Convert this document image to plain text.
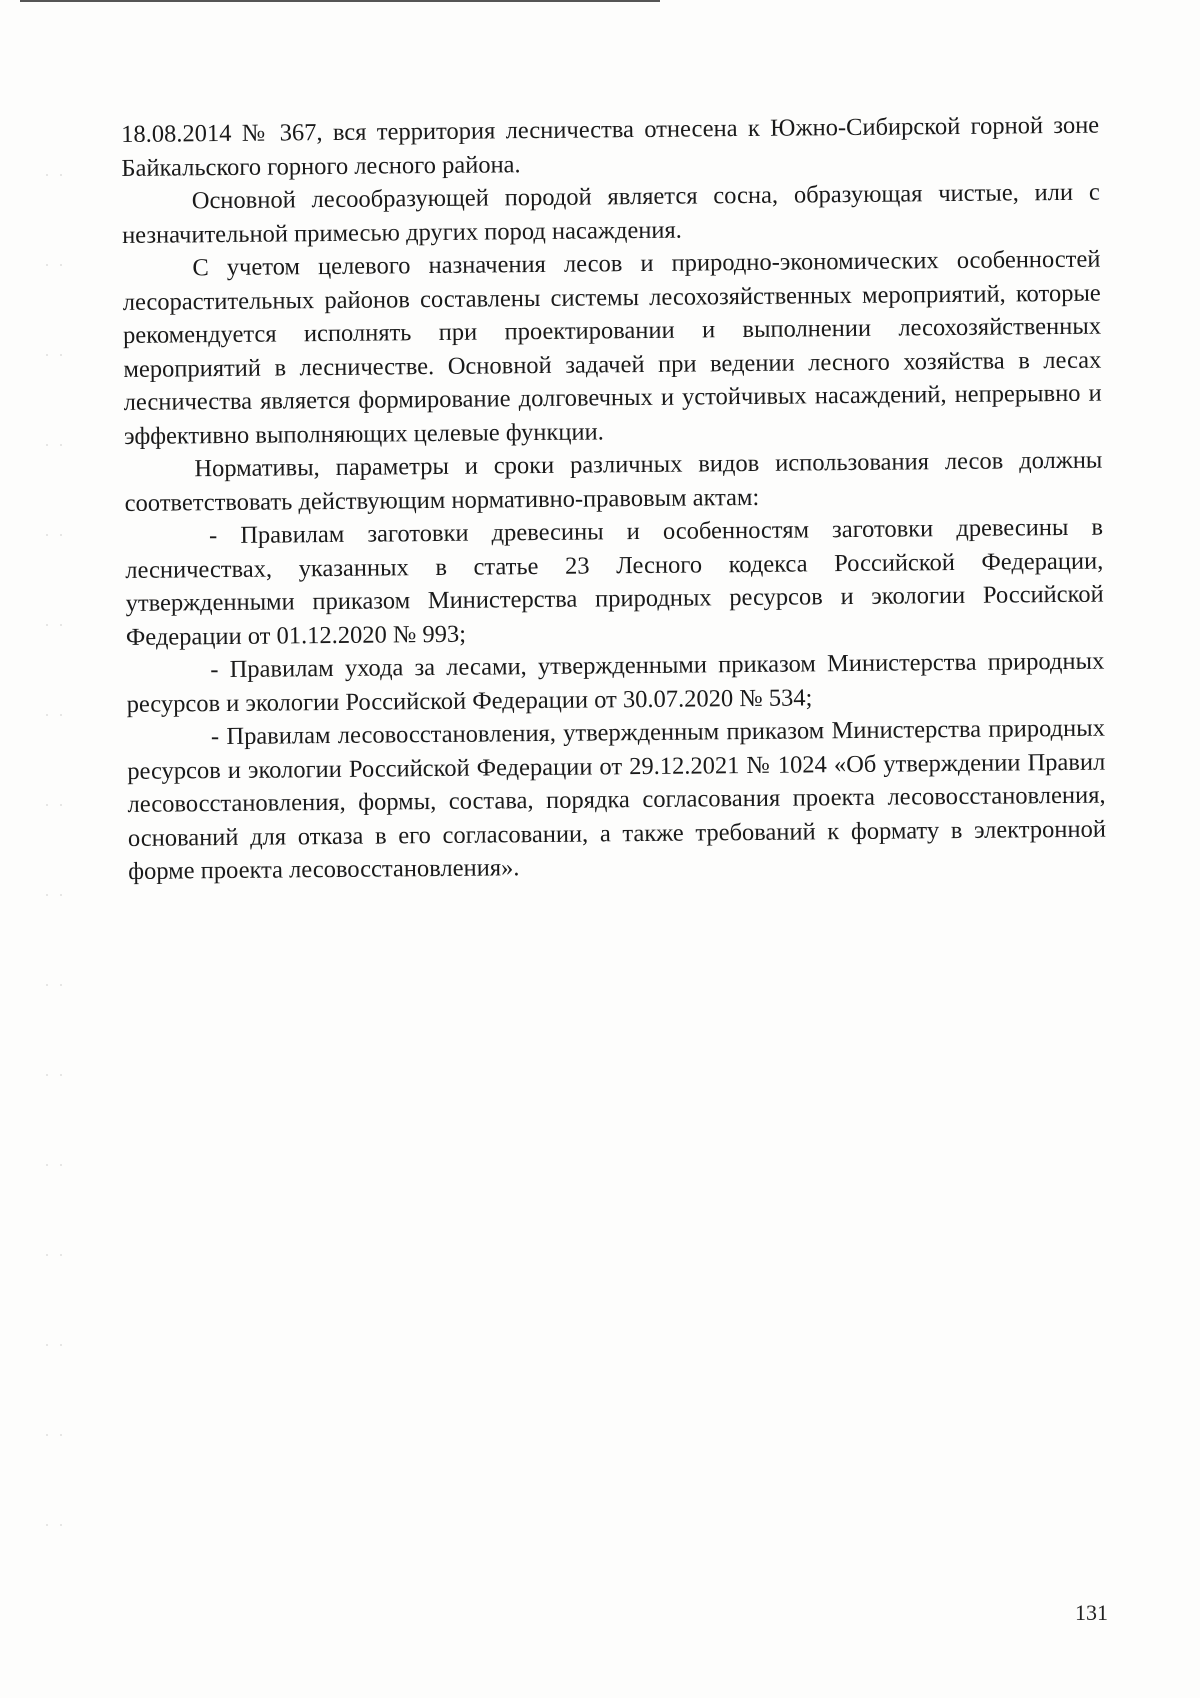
18.08.2014 № 367, вся территория лесничества отнесена к Южно-Сибирской горной зоне Байкальского горного лесного района.

Основной лесообразующей породой является сосна, образующая чистые, или с незначительной примесью других пород насаждения.

С учетом целевого назначения лесов и природно-экономических особенностей лесорастительных районов составлены системы лесохозяйственных мероприятий, которые рекомендуется исполнять при проектировании и выполнении лесохозяйственных мероприятий в лесничестве. Основной задачей при ведении лесного хозяйства в лесах лесничества является формирование долговечных и устойчивых насаждений, непрерывно и эффективно выполняющих целевые функции.

Нормативы, параметры и сроки различных видов использования лесов должны соответствовать действующим нормативно-правовым актам:

- Правилам заготовки древесины и особенностям заготовки древесины в лесничествах, указанных в статье 23 Лесного кодекса Российской Федерации, утвержденными приказом Министерства природных ресурсов и экологии Российской Федерации от 01.12.2020 № 993;

- Правилам ухода за лесами, утвержденными приказом Министерства природных ресурсов и экологии Российской Федерации от 30.07.2020 № 534;

- Правилам лесовосстановления, утвержденным приказом Министерства природных ресурсов и экологии Российской Федерации от 29.12.2021 № 1024 «Об утверждении Правил лесовосстановления, формы, состава, порядка согласования проекта лесовосстановления, оснований для отказа в его согласовании, а также требований к формату в электронной форме проекта лесовосстановления».

131
